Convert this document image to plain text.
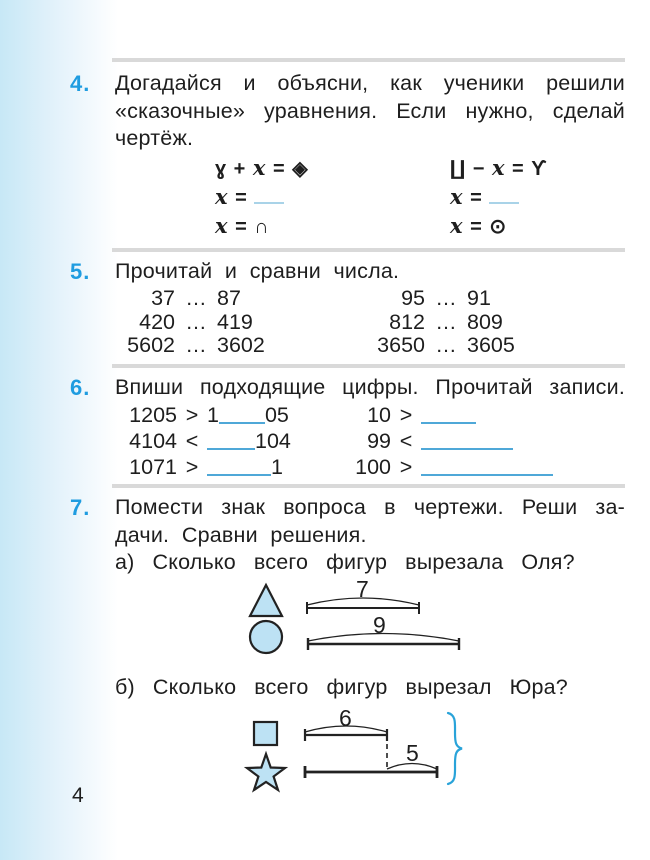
4. Догадайся и объясни, как ученики решили
«сказочные» уравнения. Если нужно, сделай
чертёж.
ɣ + x = ◈
x =
x = ∩
∐ − x = ϒ
x =
x = ⊙
5. Прочитай и сравни числа.
37 … 87	95 … 91
420 … 419	812 … 809
5602 … 3602	3650 … 3605
6. Впиши подходящие цифры. Прочитай записи.
1205 > 1 05	10 >
4104 <	104	99 <
1071 >	1	100 >
7. Помести знак вопроса в чертежи. Реши за-
дачи. Сравни решения.
а) Сколько всего фигур вырезала Оля?
7
9
б) Сколько всего фигур вырезал Юра?
6
5
4
